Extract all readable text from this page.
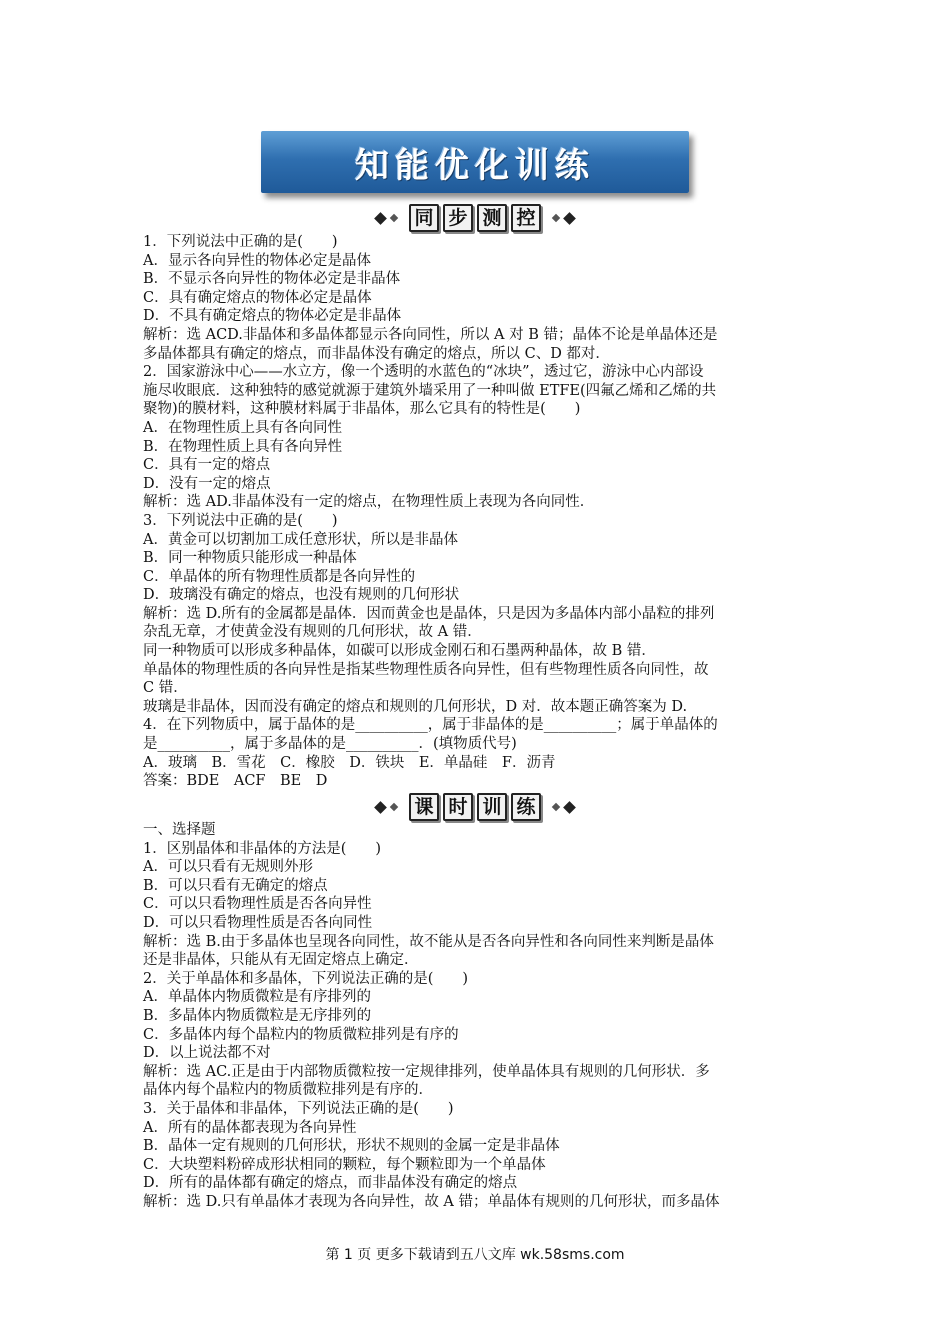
知能优化训练
同 步 测 控

1．下列说法中正确的是(　　)

A．显示各向异性的物体必定是晶体

B．不显示各向异性的物体必定是非晶体

C．具有确定熔点的物体必定是晶体

D．不具有确定熔点的物体必定是非晶体

解析：选 ACD.非晶体和多晶体都显示各向同性，所以 A 对 B 错；晶体不论是单晶体还是

多晶体都具有确定的熔点，而非晶体没有确定的熔点，所以 C、D 都对．

2．国家游泳中心——水立方，像一个透明的水蓝色的“冰块”，透过它，游泳中心内部设

施尽收眼底．这种独特的感觉就源于建筑外墙采用了一种叫做 ETFE(四氟乙烯和乙烯的共

聚物)的膜材料，这种膜材料属于非晶体，那么它具有的特性是(　　)

A．在物理性质上具有各向同性

B．在物理性质上具有各向异性

C．具有一定的熔点

D．没有一定的熔点

解析：选 AD.非晶体没有一定的熔点，在物理性质上表现为各向同性．

3．下列说法中正确的是(　　)

A．黄金可以切割加工成任意形状，所以是非晶体

B．同一种物质只能形成一种晶体

C．单晶体的所有物理性质都是各向异性的

D．玻璃没有确定的熔点，也没有规则的几何形状

解析：选 D.所有的金属都是晶体．因而黄金也是晶体，只是因为多晶体内部小晶粒的排列

杂乱无章，才使黄金没有规则的几何形状，故 A 错．

同一种物质可以形成多种晶体，如碳可以形成金刚石和石墨两种晶体，故 B 错．

单晶体的物理性质的各向异性是指某些物理性质各向异性，但有些物理性质各向同性，故

C 错．

玻璃是非晶体，因而没有确定的熔点和规则的几何形状，D 对．故本题正确答案为 D.

4．在下列物质中，属于晶体的是__________，属于非晶体的是__________；属于单晶体的

是__________，属于多晶体的是__________．(填物质代号)

A．玻璃　B．雪花　C．橡胶　D．铁块　E．单晶硅　F．沥青

答案：BDE　ACF　BE　D

课 时 训 练

一、选择题

1．区别晶体和非晶体的方法是(　　)

A．可以只看有无规则外形

B．可以只看有无确定的熔点

C．可以只看物理性质是否各向异性

D．可以只看物理性质是否各向同性

解析：选 B.由于多晶体也呈现各向同性，故不能从是否各向异性和各向同性来判断是晶体

还是非晶体，只能从有无固定熔点上确定．

2．关于单晶体和多晶体，下列说法正确的是(　　)

A．单晶体内物质微粒是有序排列的

B．多晶体内物质微粒是无序排列的

C．多晶体内每个晶粒内的物质微粒排列是有序的

D．以上说法都不对

解析：选 AC.正是由于内部物质微粒按一定规律排列，使单晶体具有规则的几何形状．多

晶体内每个晶粒内的物质微粒排列是有序的．

3．关于晶体和非晶体，下列说法正确的是(　　)

A．所有的晶体都表现为各向异性

B．晶体一定有规则的几何形状，形状不规则的金属一定是非晶体

C．大块塑料粉碎成形状相同的颗粒，每个颗粒即为一个单晶体

D．所有的晶体都有确定的熔点，而非晶体没有确定的熔点

解析：选 D.只有单晶体才表现为各向异性，故 A 错；单晶体有规则的几何形状，而多晶体

第 1 页 更多下载请到五八文库 wk.58sms.com
